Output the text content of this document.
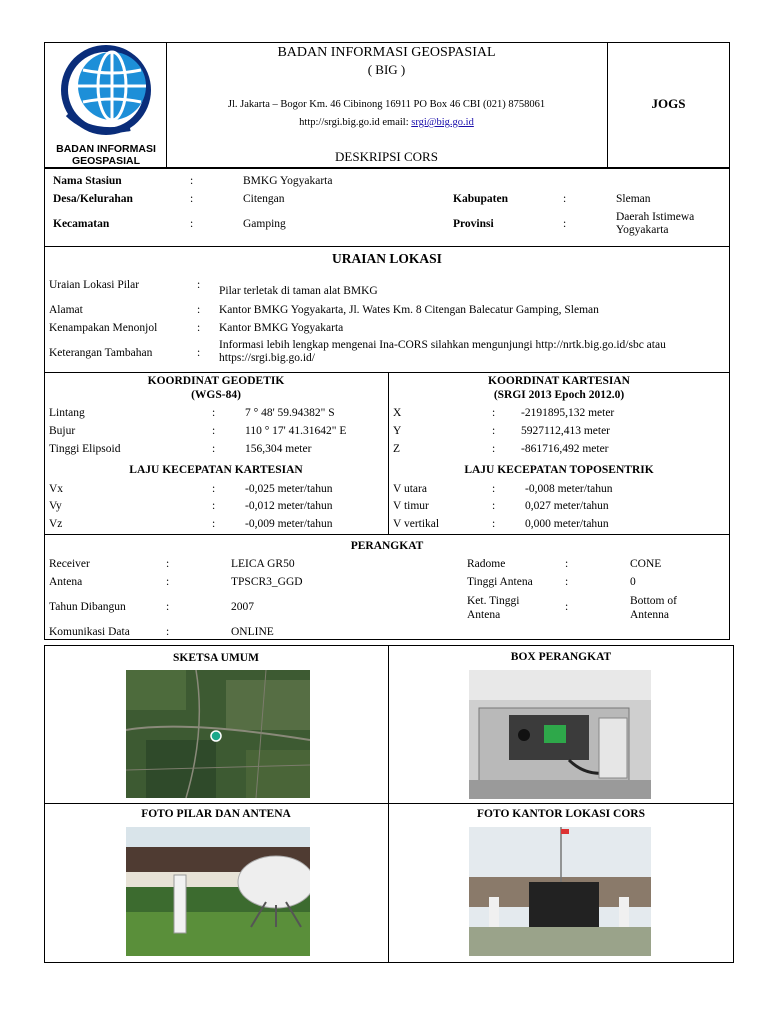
BADAN INFORMASI
GEOSPASIAL
BADAN INFORMASI GEOSPASIAL
( BIG )
Jl. Jakarta – Bogor Km. 46 Cibinong 16911 PO Box 46 CBI (021) 8758061
http://srgi.big.go.id email: srgi@big.go.id
DESKRIPSI CORS
JOGS
Nama Stasiun	:	BMKG Yogyakarta
Desa/Kelurahan	:	Citengan
Kecamatan	:	Gamping
Kabupaten	:	Sleman
Provinsi	:
Daerah Istimewa Yogyakarta
URAIAN LOKASI
Uraian Lokasi Pilar	: Pilar terletak di taman alat BMKG
Alamat	: Kantor BMKG Yogyakarta, Jl. Wates Km. 8 Citengan Balecatur Gamping, Sleman
Kenampakan Menonjol	: Kantor BMKG Yogyakarta
Keterangan Tambahan	:
Informasi lebih lengkap mengenai Ina-CORS silahkan mengunjungi http://nrtk.big.go.id/sbc atau https://srgi.big.go.id/
KOORDINAT GEODETIK
(WGS-84)
KOORDINAT KARTESIAN
(SRGI 2013 Epoch 2012.0)
Lintang	:	7 ° 48' 59.94382" S
Bujur	:	110 ° 17' 41.31642" E
Tinggi Elipsoid	:	156,304 meter
X	: -2191895,132 meter
Y	: 5927112,413 meter
Z	: -861716,492 meter
LAJU KECEPATAN KARTESIAN	LAJU KECEPATAN TOPOSENTRIK
Vx	:	-0,025 meter/tahun
Vy	:	-0,012 meter/tahun
Vz	:	-0,009 meter/tahun
V utara	:	-0,008 meter/tahun
V timur	:	0,027 meter/tahun
V vertikal	:	0,000 meter/tahun
PERANGKAT
Receiver	:	LEICA GR50
Antena	:	TPSCR3_GGD
Tahun Dibangun	:	2007
Komunikasi Data	:	ONLINE
Radome	:	CONE
Tinggi Antena	:	0
Ket. Tinggi Antena
:	Bottom of Antenna
SKETSA UMUM	BOX PERANGKAT
FOTO PILAR DAN ANTENA	FOTO KANTOR LOKASI CORS
